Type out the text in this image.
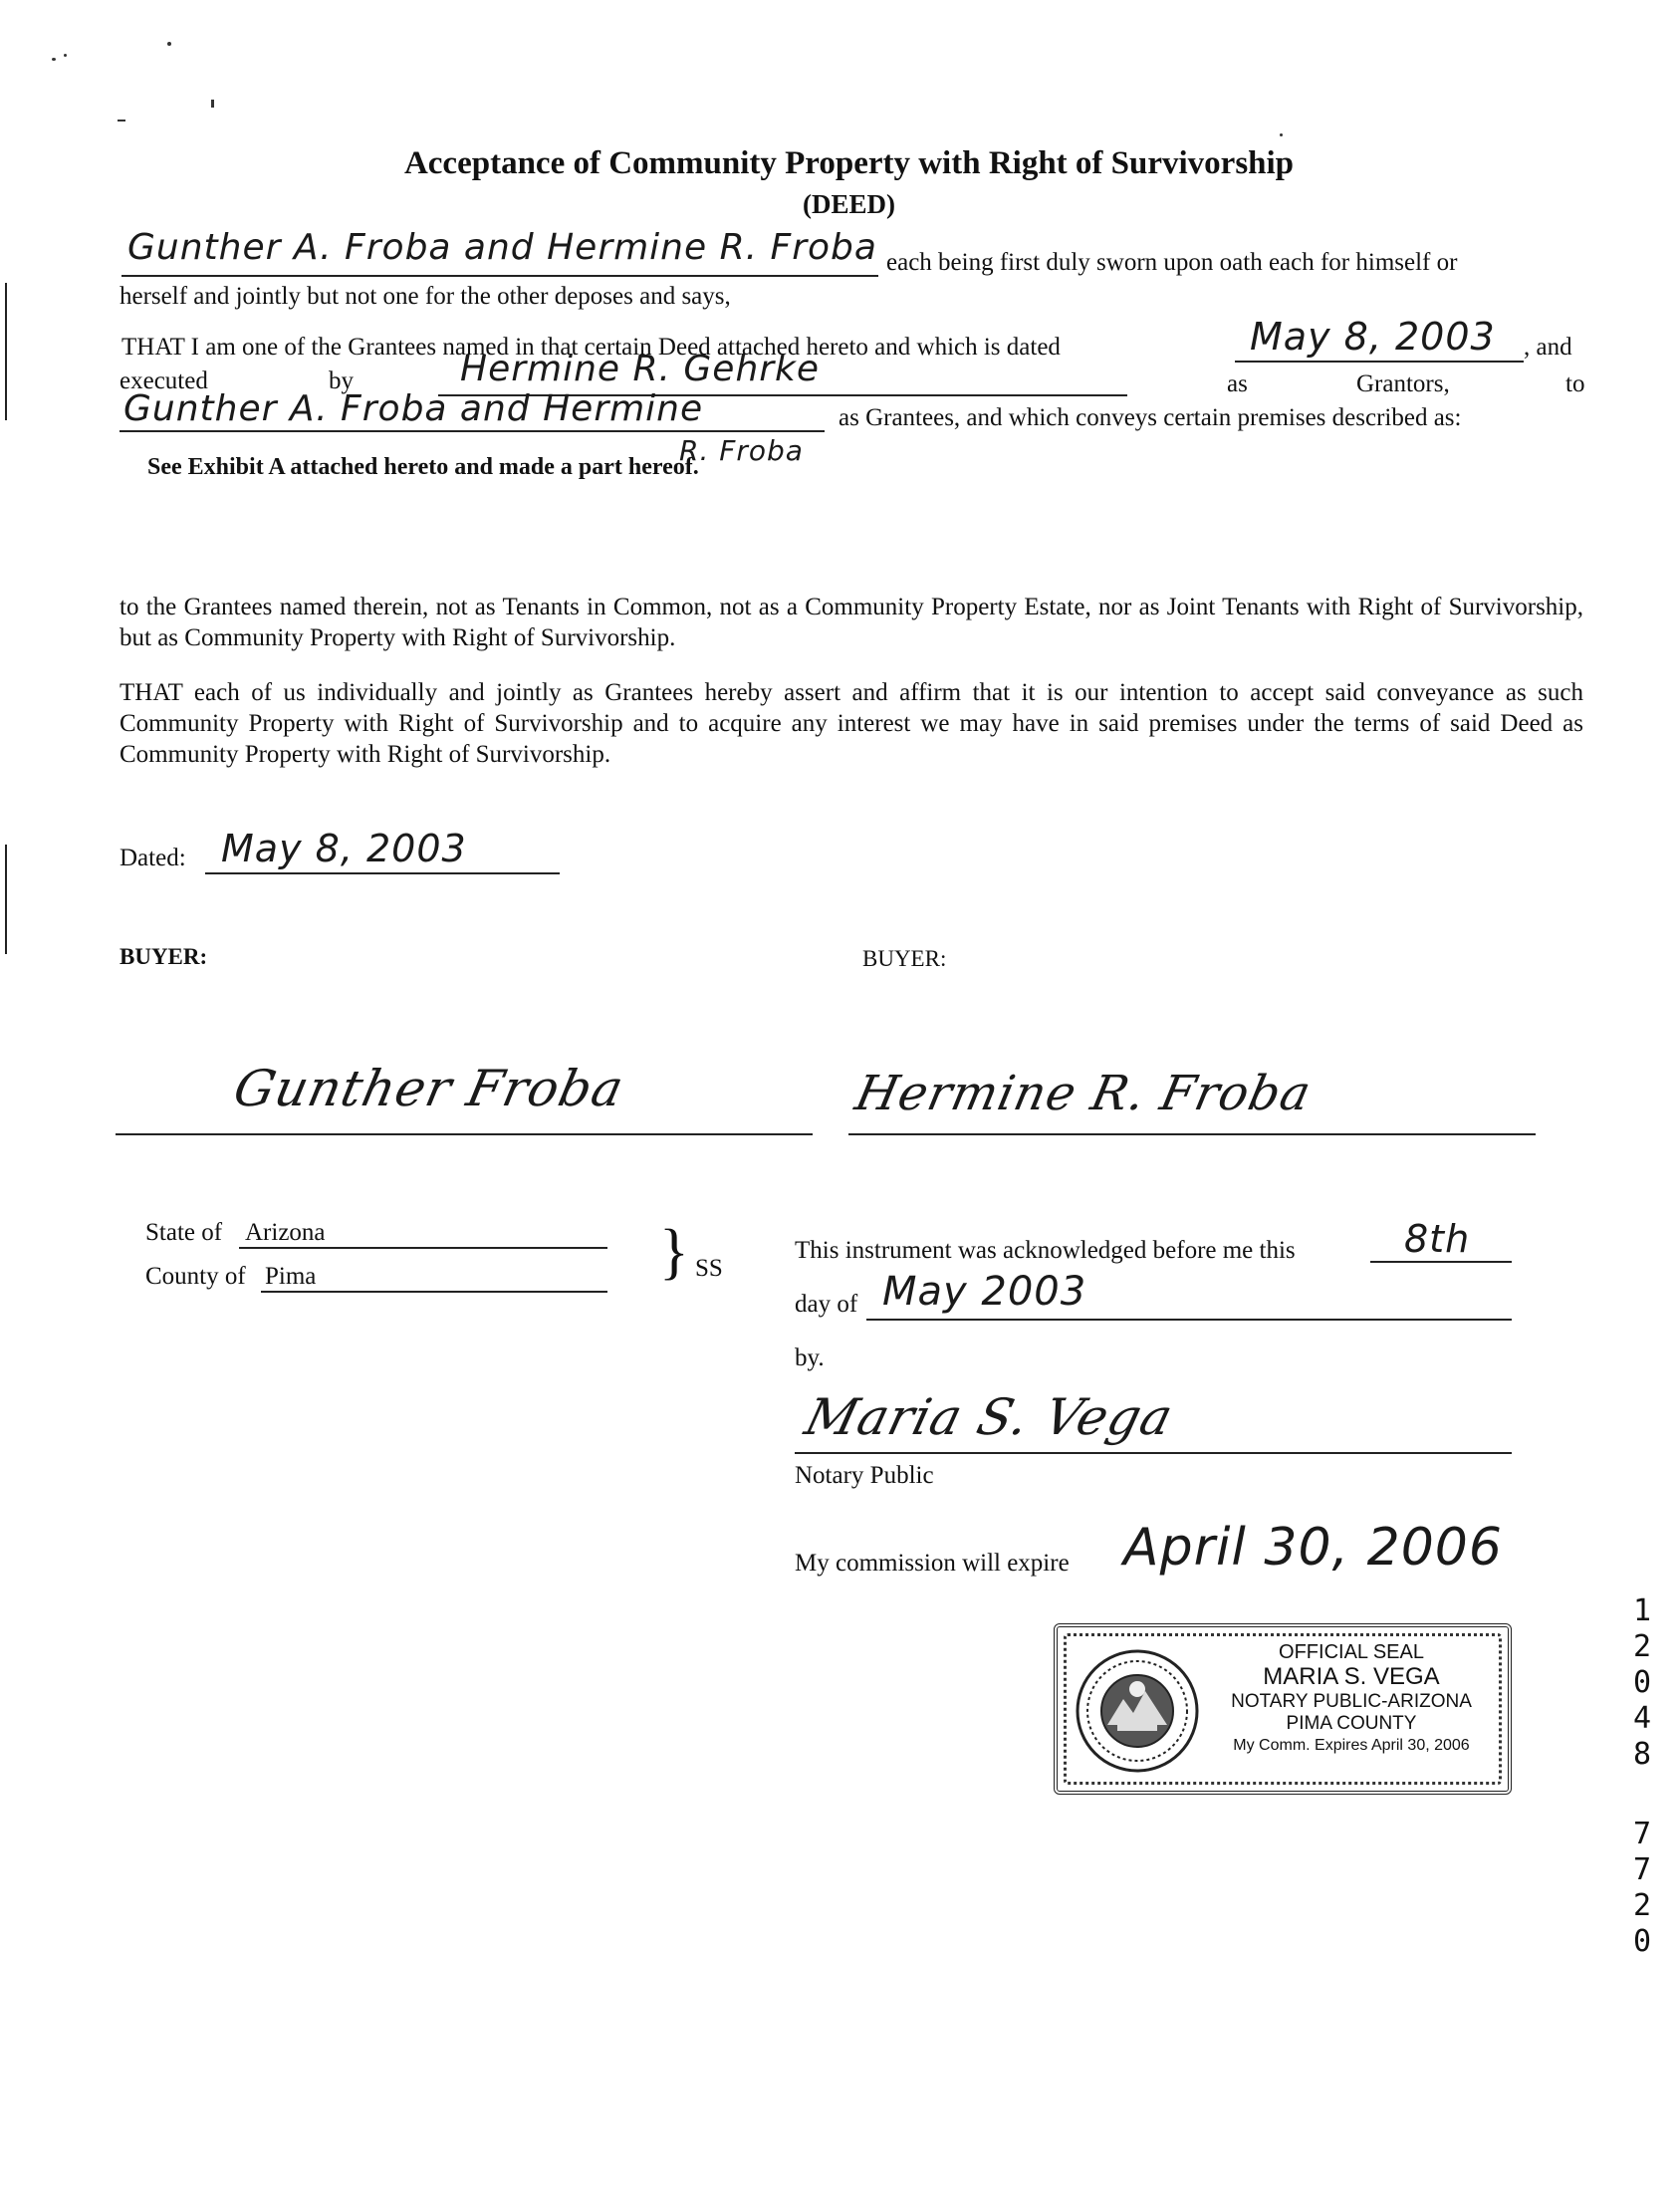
Acceptance of Community Property with Right of Survivorship
(DEED)
Gunther A. Froba and Hermine R. Froba each being first duly sworn upon oath each for himself or
herself and jointly but not one for the other deposes and says,
THAT I am one of the Grantees named in that certain Deed attached hereto and which is dated	May 8, 2003 , and
executed	by	Hermine R. Gehrke	as	Grantors,	to
Gunther A. Froba and Hermine	as Grantees, and which conveys certain premises described as:
R. Froba
See Exhibit A attached hereto and made a part hereof.
to the Grantees named therein, not as Tenants in Common, not as a Community Property Estate, nor as Joint Tenants with Right of Survivorship, but as Community Property with Right of Survivorship.
THAT each of us individually and jointly as Grantees hereby assert and affirm that it is our intention to accept said conveyance as such Community Property with Right of Survivorship and to acquire any interest we may have in said premises under the terms of said Deed as Community Property with Right of Survivorship.
Dated: May 8, 2003
BUYER:	BUYER:
Gunther Froba	Hermine R. Froba
State of Arizona
County of Pima	} SS
This instrument was acknowledged before me this	8th
day of May 2003
by.
Maria S. Vega
Notary Public
My commission will expire April 30, 2006
OFFICIAL SEAL
MARIA S. VEGA
NOTARY PUBLIC-ARIZONA
PIMA COUNTY
My Comm. Expires April 30, 2006
1
2
0
4
8
7
7
2
0
